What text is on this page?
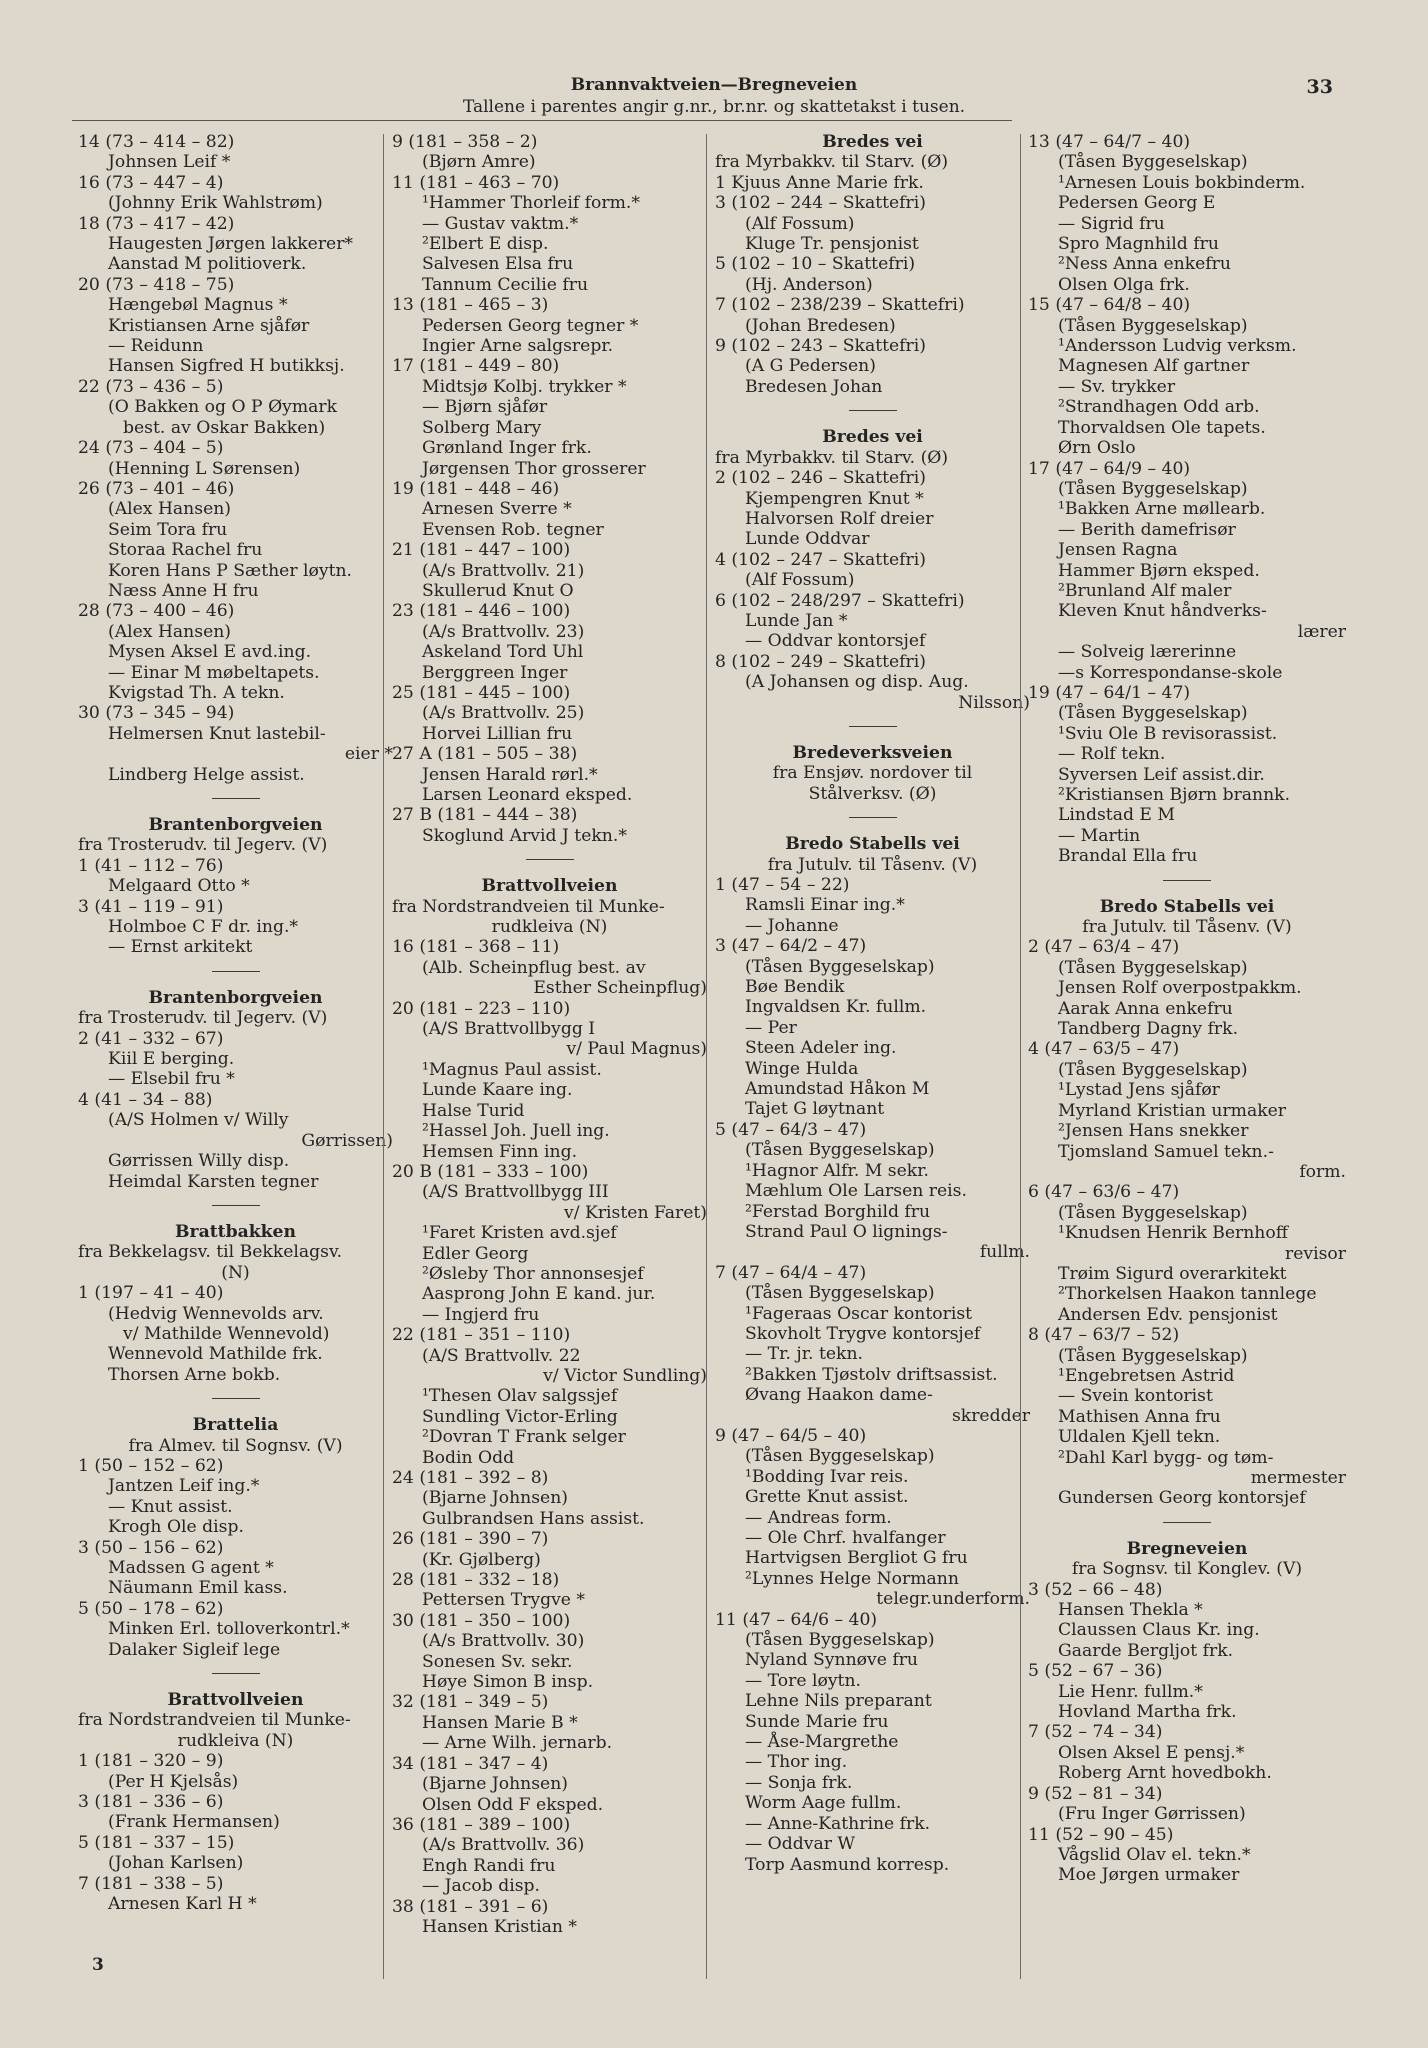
Brannvaktveien—Bregneveien
Tallene i parentes angir g.nr., br.nr. og skattetakst i tusen.
33
14 (73 – 414 – 82)
Johnsen Leif *
16 (73 – 447 – 4)
(Johnny Erik Wahlstrøm)
18 (73 – 417 – 42)
Haugesten Jørgen lakkerer*
Aanstad M politioverk.
20 (73 – 418 – 75)
Hængebøl Magnus *
Kristiansen Arne sjåfør
— Reidunn
Hansen Sigfred H butikksj.
22 (73 – 436 – 5)
(O Bakken og O P Øymark
best. av Oskar Bakken)
24 (73 – 404 – 5)
(Henning L Sørensen)
26 (73 – 401 – 46)
(Alex Hansen)
Seim Tora fru
Storaa Rachel fru
Koren Hans P Sæther løytn.
Næss Anne H fru
28 (73 – 400 – 46)
(Alex Hansen)
Mysen Aksel E avd.ing.
— Einar M møbeltapets.
Kvigstad Th. A tekn.
30 (73 – 345 – 94)
Helmersen Knut lastebil-
eier *
Lindberg Helge assist.
Brantenborgveien
fra Trosterudv. til Jegerv. (V)
1 (41 – 112 – 76)
Melgaard Otto *
3 (41 – 119 – 91)
Holmboe C F dr. ing.*
— Ernst arkitekt
Brantenborgveien
fra Trosterudv. til Jegerv. (V)
2 (41 – 332 – 67)
Kiil E berging.
— Elsebil fru *
4 (41 – 34 – 88)
(A/S Holmen v/ Willy
Gørrissen)
Gørrissen Willy disp.
Heimdal Karsten tegner
Brattbakken
fra Bekkelagsv. til Bekkelagsv.
(N)
1 (197 – 41 – 40)
(Hedvig Wennevolds arv.
v/ Mathilde Wennevold)
Wennevold Mathilde frk.
Thorsen Arne bokb.
Brattelia
fra Almev. til Sognsv. (V)
1 (50 – 152 – 62)
Jantzen Leif ing.*
— Knut assist.
Krogh Ole disp.
3 (50 – 156 – 62)
Madssen G agent *
Näumann Emil kass.
5 (50 – 178 – 62)
Minken Erl. tolloverkontrl.*
Dalaker Sigleif lege
Brattvollveien
fra Nordstrandveien til Munke-
rudkleiva (N)
1 (181 – 320 – 9)
(Per H Kjelsås)
3 (181 – 336 – 6)
(Frank Hermansen)
5 (181 – 337 – 15)
(Johan Karlsen)
7 (181 – 338 – 5)
Arnesen Karl H *
9 (181 – 358 – 2)
(Bjørn Amre)
11 (181 – 463 – 70)
¹Hammer Thorleif form.*
— Gustav vaktm.*
²Elbert E disp.
Salvesen Elsa fru
Tannum Cecilie fru
13 (181 – 465 – 3)
Pedersen Georg tegner *
Ingier Arne salgsrepr.
17 (181 – 449 – 80)
Midtsjø Kolbj. trykker *
— Bjørn sjåfør
Solberg Mary
Grønland Inger frk.
Jørgensen Thor grosserer
19 (181 – 448 – 46)
Arnesen Sverre *
Evensen Rob. tegner
21 (181 – 447 – 100)
(A/s Brattvollv. 21)
Skullerud Knut O
23 (181 – 446 – 100)
(A/s Brattvollv. 23)
Askeland Tord Uhl
Berggreen Inger
25 (181 – 445 – 100)
(A/s Brattvollv. 25)
Horvei Lillian fru
27 A (181 – 505 – 38)
Jensen Harald rørl.*
Larsen Leonard eksped.
27 B (181 – 444 – 38)
Skoglund Arvid J tekn.*
Brattvollveien
fra Nordstrandveien til Munke-
rudkleiva (N)
16 (181 – 368 – 11)
(Alb. Scheinpflug best. av
Esther Scheinpflug)
20 (181 – 223 – 110)
(A/S Brattvollbygg I
v/ Paul Magnus)
¹Magnus Paul assist.
Lunde Kaare ing.
Halse Turid
²Hassel Joh. Juell ing.
Hemsen Finn ing.
20 B (181 – 333 – 100)
(A/S Brattvollbygg III
v/ Kristen Faret)
¹Faret Kristen avd.sjef
Edler Georg
²Øsleby Thor annonsesjef
Aasprong John E kand. jur.
— Ingjerd fru
22 (181 – 351 – 110)
(A/S Brattvollv. 22
v/ Victor Sundling)
¹Thesen Olav salgssjef
Sundling Victor-Erling
²Dovran T Frank selger
Bodin Odd
24 (181 – 392 – 8)
(Bjarne Johnsen)
Gulbrandsen Hans assist.
26 (181 – 390 – 7)
(Kr. Gjølberg)
28 (181 – 332 – 18)
Pettersen Trygve *
30 (181 – 350 – 100)
(A/s Brattvollv. 30)
Sonesen Sv. sekr.
Høye Simon B insp.
32 (181 – 349 – 5)
Hansen Marie B *
— Arne Wilh. jernarb.
34 (181 – 347 – 4)
(Bjarne Johnsen)
Olsen Odd F eksped.
36 (181 – 389 – 100)
(A/s Brattvollv. 36)
Engh Randi fru
— Jacob disp.
38 (181 – 391 – 6)
Hansen Kristian *
Bredes vei
fra Myrbakkv. til Starv. (Ø)
1 Kjuus Anne Marie frk.
3 (102 – 244 – Skattefri)
(Alf Fossum)
Kluge Tr. pensjonist
5 (102 – 10 – Skattefri)
(Hj. Anderson)
7 (102 – 238/239 – Skattefri)
(Johan Bredesen)
9 (102 – 243 – Skattefri)
(A G Pedersen)
Bredesen Johan
Bredes vei
fra Myrbakkv. til Starv. (Ø)
2 (102 – 246 – Skattefri)
Kjempengren Knut *
Halvorsen Rolf dreier
Lunde Oddvar
4 (102 – 247 – Skattefri)
(Alf Fossum)
6 (102 – 248/297 – Skattefri)
Lunde Jan *
— Oddvar kontorsjef
8 (102 – 249 – Skattefri)
(A Johansen og disp. Aug.
Nilsson)
Bredeverksveien
fra Ensjøv. nordover til
Stålverksv. (Ø)
Bredo Stabells vei
fra Jutulv. til Tåsenv. (V)
1 (47 – 54 – 22)
Ramsli Einar ing.*
— Johanne
3 (47 – 64/2 – 47)
(Tåsen Byggeselskap)
Bøe Bendik
Ingvaldsen Kr. fullm.
— Per
Steen Adeler ing.
Winge Hulda
Amundstad Håkon M
Tajet G løytnant
5 (47 – 64/3 – 47)
(Tåsen Byggeselskap)
¹Hagnor Alfr. M sekr.
Mæhlum Ole Larsen reis.
²Ferstad Borghild fru
Strand Paul O lignings-
fullm.
7 (47 – 64/4 – 47)
(Tåsen Byggeselskap)
¹Fageraas Oscar kontorist
Skovholt Trygve kontorsjef
— Tr. jr. tekn.
²Bakken Tjøstolv driftsassist.
Øvang Haakon dame-
skredder
9 (47 – 64/5 – 40)
(Tåsen Byggeselskap)
¹Bodding Ivar reis.
Grette Knut assist.
— Andreas form.
— Ole Chrf. hvalfanger
Hartvigsen Bergliot G fru
²Lynnes Helge Normann
telegr.underform.
11 (47 – 64/6 – 40)
(Tåsen Byggeselskap)
Nyland Synnøve fru
— Tore løytn.
Lehne Nils preparant
Sunde Marie fru
— Åse-Margrethe
— Thor ing.
— Sonja frk.
Worm Aage fullm.
— Anne-Kathrine frk.
— Oddvar W
Torp Aasmund korresp.
13 (47 – 64/7 – 40)
(Tåsen Byggeselskap)
¹Arnesen Louis bokbinderm.
Pedersen Georg E
— Sigrid fru
Spro Magnhild fru
²Ness Anna enkefru
Olsen Olga frk.
15 (47 – 64/8 – 40)
(Tåsen Byggeselskap)
¹Andersson Ludvig verksm.
Magnesen Alf gartner
— Sv. trykker
²Strandhagen Odd arb.
Thorvaldsen Ole tapets.
Ørn Oslo
17 (47 – 64/9 – 40)
(Tåsen Byggeselskap)
¹Bakken Arne møllearb.
— Berith damefrisør
Jensen Ragna
Hammer Bjørn eksped.
²Brunland Alf maler
Kleven Knut håndverks-
lærer
— Solveig lærerinne
—s Korrespondanse-skole
19 (47 – 64/1 – 47)
(Tåsen Byggeselskap)
¹Sviu Ole B revisorassist.
— Rolf tekn.
Syversen Leif assist.dir.
²Kristiansen Bjørn brannk.
Lindstad E M
— Martin
Brandal Ella fru
Bredo Stabells vei
fra Jutulv. til Tåsenv. (V)
2 (47 – 63/4 – 47)
(Tåsen Byggeselskap)
Jensen Rolf overpostpakkm.
Aarak Anna enkefru
Tandberg Dagny frk.
4 (47 – 63/5 – 47)
(Tåsen Byggeselskap)
¹Lystad Jens sjåfør
Myrland Kristian urmaker
²Jensen Hans snekker
Tjomsland Samuel tekn.-
form.
6 (47 – 63/6 – 47)
(Tåsen Byggeselskap)
¹Knudsen Henrik Bernhoff
revisor
Trøim Sigurd overarkitekt
²Thorkelsen Haakon tannlege
Andersen Edv. pensjonist
8 (47 – 63/7 – 52)
(Tåsen Byggeselskap)
¹Engebretsen Astrid
— Svein kontorist
Mathisen Anna fru
Uldalen Kjell tekn.
²Dahl Karl bygg- og tøm-
mermester
Gundersen Georg kontorsjef
Bregneveien
fra Sognsv. til Konglev. (V)
3 (52 – 66 – 48)
Hansen Thekla *
Claussen Claus Kr. ing.
Gaarde Bergljot frk.
5 (52 – 67 – 36)
Lie Henr. fullm.*
Hovland Martha frk.
7 (52 – 74 – 34)
Olsen Aksel E pensj.*
Roberg Arnt hovedbokh.
9 (52 – 81 – 34)
(Fru Inger Gørrissen)
11 (52 – 90 – 45)
Vågslid Olav el. tekn.*
Moe Jørgen urmaker
3
